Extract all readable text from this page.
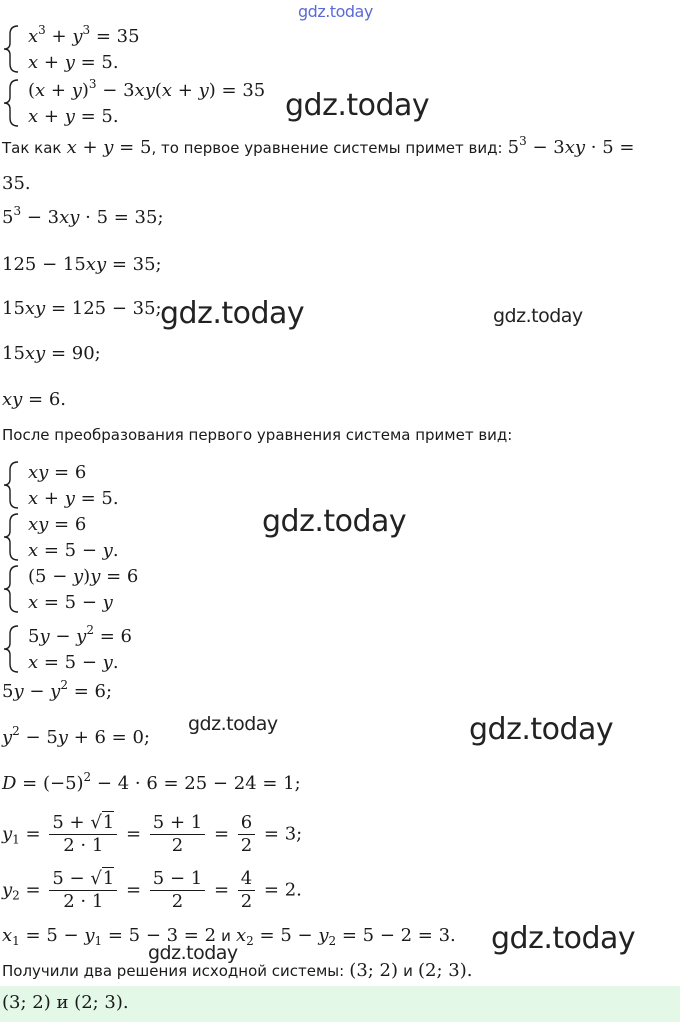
gdz.today
gdz.today
gdz.today	gdz.today
gdz.today
gdz.today	gdz.today
gdz.today
gdz.today
$x^3 + y^3 = 35$
x + y = 5.
$(x + y)^3 - 3xy(x + y) = 35$
x + y = 5.
Так как x + y = 5, то первое уравнение системы примет вид: $5^3 - 3xy \cdot 5$ =
35.
$5^3 - 3xy \cdot 5 = 35$;
125 − 15xy = 35;
15xy = 125 − 35;
15xy = 90;
xy = 6.
После преобразования первого уравнения система примет вид:
xy = 6
x + y = 5.
xy = 6
x = 5 − y.
(5 − y)y = 6
x = 5 − y
$5y - y^2 = 6$
x = 5 − y.
$5y - y^2 = 6$;
$y^2 - 5y + 6 = 0$;
$D = (-5)^2 - 4 \cdot 6 = 25 - 24 = 1$;
$y_1 = \frac{5 + √1}{2 \cdot 1} = \frac{5 + 1}{2} = \frac{6}{2} = 3$;
$y_2 = \frac{5 - √1}{2 \cdot 1} = \frac{5 - 1}{2} = \frac{4}{2} = 2$.
$x_1 = 5 - y_1 = 5 - 3 = 2$ и $x_2 = 5 - y_2 = 5 - 2 = 3$.
Получили два решения исходной системы: (3; 2) и (2; 3).
(3; 2) и (2; 3).
